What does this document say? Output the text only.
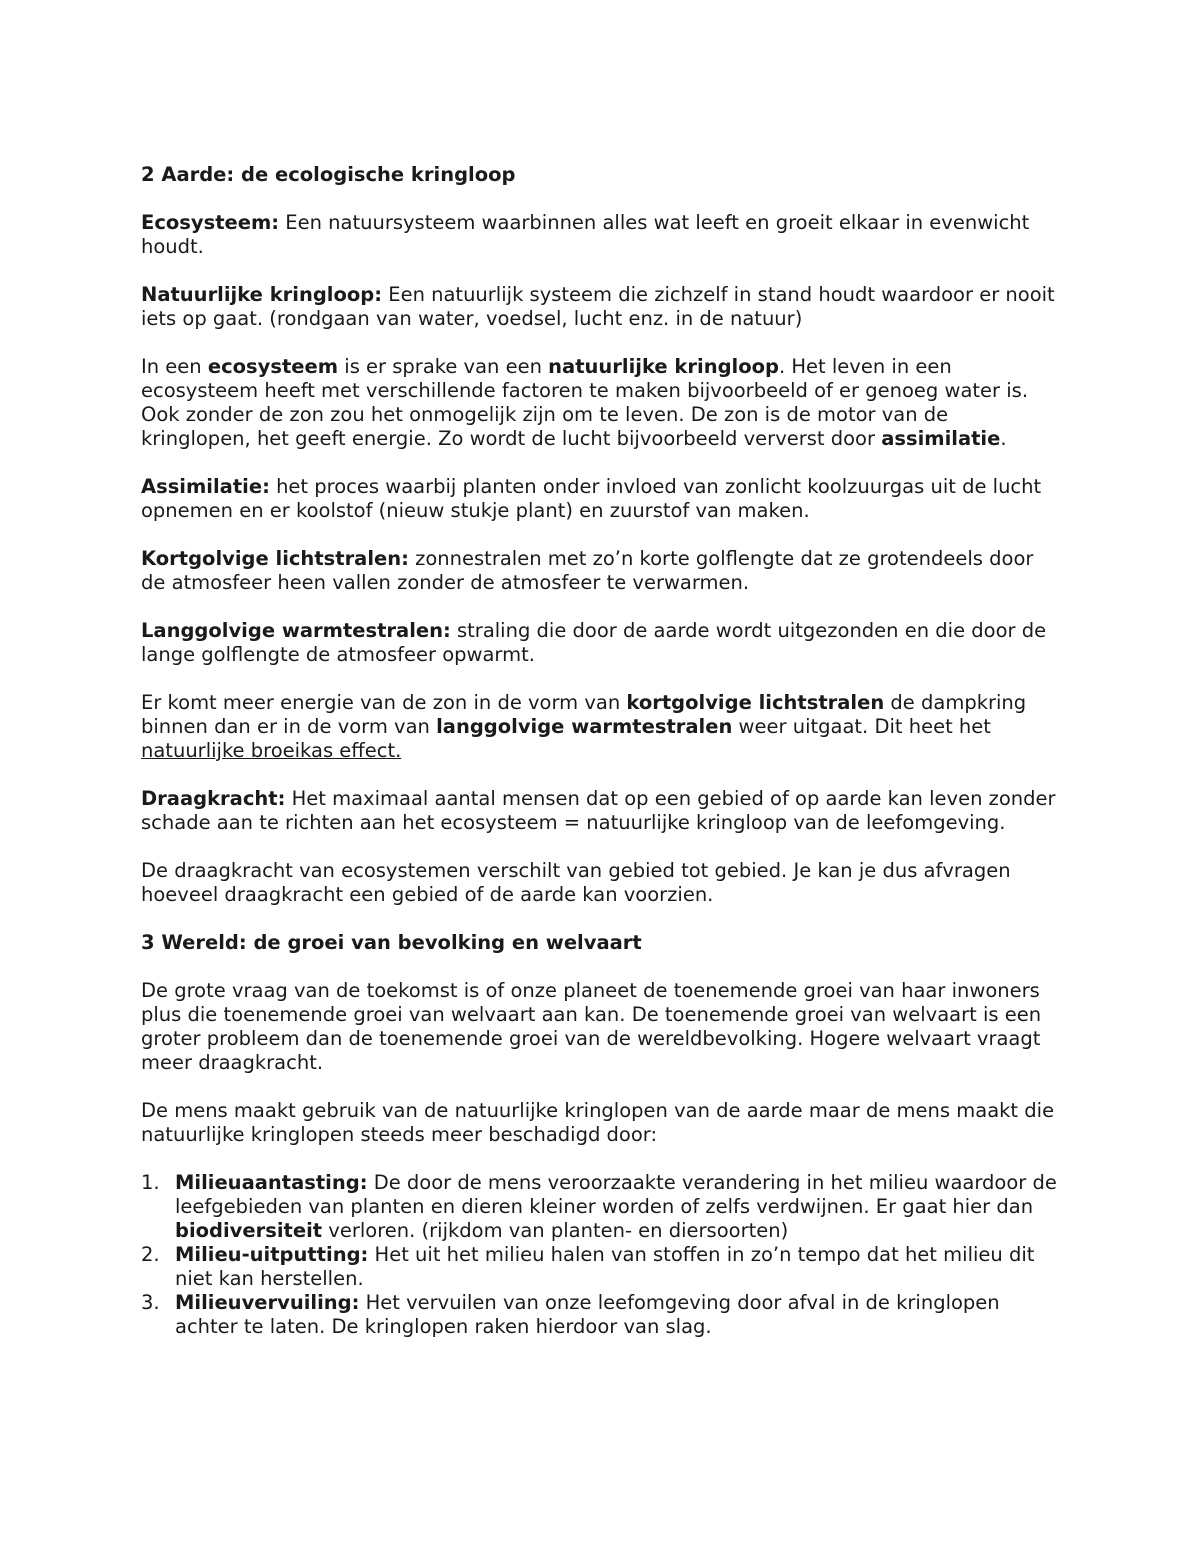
2 Aarde: de ecologische kringloop
Ecosysteem: Een natuursysteem waarbinnen alles wat leeft en groeit elkaar in evenwicht houdt.
Natuurlijke kringloop: Een natuurlijk systeem die zichzelf in stand houdt waardoor er nooit iets op gaat. (rondgaan van water, voedsel, lucht enz. in de natuur)
In een ecosysteem is er sprake van een natuurlijke kringloop. Het leven in een ecosysteem heeft met verschillende factoren te maken bijvoorbeeld of er genoeg water is. Ook zonder de zon zou het onmogelijk zijn om te leven. De zon is de motor van de kringlopen, het geeft energie. Zo wordt de lucht bijvoorbeeld ververst door assimilatie.
Assimilatie: het proces waarbij planten onder invloed van zonlicht koolzuurgas uit de lucht opnemen en er koolstof (nieuw stukje plant) en zuurstof van maken.
Kortgolvige lichtstralen: zonnestralen met zo’n korte golflengte dat ze grotendeels door de atmosfeer heen vallen zonder de atmosfeer te verwarmen.
Langgolvige warmtestralen: straling die door de aarde wordt uitgezonden en die door de lange golflengte de atmosfeer opwarmt.
Er komt meer energie van de zon in de vorm van kortgolvige lichtstralen de dampkring binnen dan er in de vorm van langgolvige warmtestralen weer uitgaat. Dit heet het natuurlijke broeikas effect.
Draagkracht: Het maximaal aantal mensen dat op een gebied of op aarde kan leven zonder schade aan te richten aan het ecosysteem = natuurlijke kringloop van de leefomgeving.
De draagkracht van ecosystemen verschilt van gebied tot gebied. Je kan je dus afvragen hoeveel draagkracht een gebied of de aarde kan voorzien.
3 Wereld: de groei van bevolking en welvaart
De grote vraag van de toekomst is of onze planeet de toenemende groei van haar inwoners plus die toenemende groei van welvaart aan kan. De toenemende groei van welvaart is een groter probleem dan de toenemende groei van de wereldbevolking. Hogere welvaart vraagt meer draagkracht.
De mens maakt gebruik van de natuurlijke kringlopen van de aarde maar de mens maakt die natuurlijke kringlopen steeds meer beschadigd door:
1. Milieuaantasting: De door de mens veroorzaakte verandering in het milieu waardoor de leefgebieden van planten en dieren kleiner worden of zelfs verdwijnen. Er gaat hier dan biodiversiteit verloren. (rijkdom van planten- en diersoorten)
2. Milieu-uitputting: Het uit het milieu halen van stoffen in zo’n tempo dat het milieu dit niet kan herstellen.
3. Milieuvervuiling: Het vervuilen van onze leefomgeving door afval in de kringlopen achter te laten. De kringlopen raken hierdoor van slag.
